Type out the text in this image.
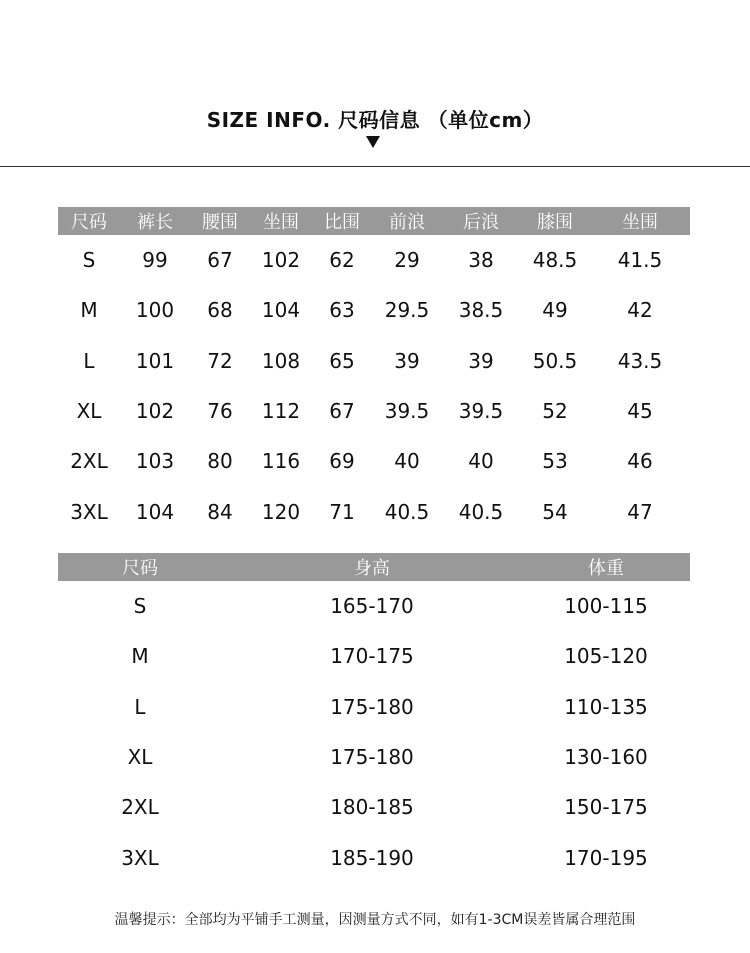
SIZE INFO. 尺码信息 （单位cm）
尺码	裤长	腰围	坐围	比围	前浪	后浪	膝围	坐围
S	99	67	102	62	29	38	48.5	41.5
M	100	68	104	63	29.5	38.5	49	42
L	101	72	108	65	39	39	50.5	43.5
XL	102	76	112	67	39.5	39.5	52	45
2XL	103	80	116	69	40	40	53	46
3XL	104	84	120	71	40.5	40.5	54	47
尺码	身高	体重
S	165-170	100-115
M	170-175	105-120
L	175-180	110-135
XL	175-180	130-160
2XL	180-185	150-175
3XL	185-190	170-195
温馨提示：全部均为平铺手工测量，因测量方式不同，如有1-3CM误差皆属合理范围
